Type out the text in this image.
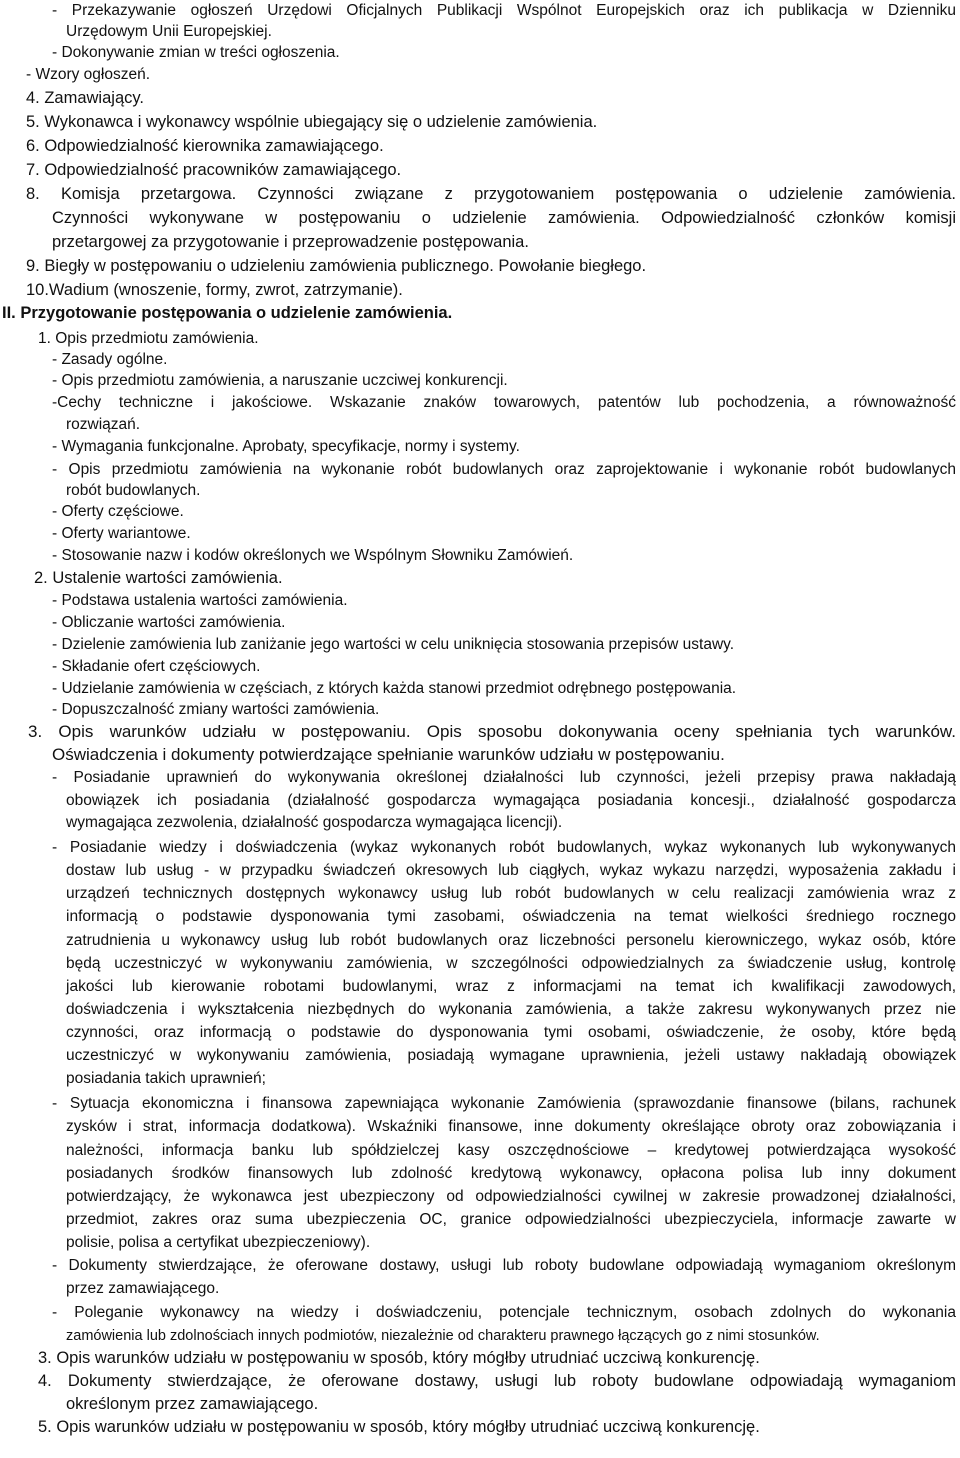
- Przekazywanie ogłoszeń Urzędowi Oficjalnych Publikacji Wspólnot Europejskich oraz ich publikacja w Dzienniku
Urzędowym Unii Europejskiej.
- Dokonywanie zmian w treści ogłoszenia.
- Wzory ogłoszeń.
4. Zamawiający.
5. Wykonawca i wykonawcy wspólnie ubiegający się o udzielenie zamówienia.
6. Odpowiedzialność kierownika zamawiającego.
7. Odpowiedzialność pracowników zamawiającego.
8. Komisja przetargowa. Czynności związane z przygotowaniem postępowania o udzielenie zamówienia.
Czynności wykonywane w postępowaniu o udzielenie zamówienia. Odpowiedzialność członków komisji
przetargowej za przygotowanie i przeprowadzenie postępowania.
9. Biegły w postępowaniu o udzieleniu zamówienia publicznego. Powołanie biegłego.
10.Wadium (wnoszenie, formy, zwrot, zatrzymanie).
II. Przygotowanie postępowania o udzielenie zamówienia.
1. Opis przedmiotu zamówienia.
- Zasady ogólne.
- Opis przedmiotu zamówienia, a naruszanie uczciwej konkurencji.
-Cechy techniczne i jakościowe. Wskazanie znaków towarowych, patentów lub pochodzenia, a równoważność
rozwiązań.
- Wymagania funkcjonalne. Aprobaty, specyfikacje, normy i systemy.
- Opis przedmiotu zamówienia na wykonanie robót budowlanych oraz zaprojektowanie i wykonanie robót budowlanych
robót budowlanych.
- Oferty częściowe.
- Oferty wariantowe.
- Stosowanie nazw i kodów określonych we Wspólnym Słowniku Zamówień.
2. Ustalenie wartości zamówienia.
- Podstawa ustalenia wartości zamówienia.
- Obliczanie wartości zamówienia.
- Dzielenie zamówienia lub zaniżanie jego wartości w celu uniknięcia stosowania przepisów ustawy.
- Składanie ofert częściowych.
- Udzielanie zamówienia w częściach, z których każda stanowi przedmiot odrębnego postępowania.
- Dopuszczalność zmiany wartości zamówienia.
3. Opis warunków udziału w postępowaniu. Opis sposobu dokonywania oceny spełniania tych warunków.
Oświadczenia i dokumenty potwierdzające spełnianie warunków udziału w postępowaniu.
- Posiadanie uprawnień do wykonywania określonej działalności lub czynności, jeżeli przepisy prawa nakładają
obowiązek ich posiadania (działalność gospodarcza wymagająca posiadania koncesji., działalność gospodarcza
wymagająca zezwolenia, działalność gospodarcza wymagająca licencji).
- Posiadanie wiedzy i doświadczenia (wykaz wykonanych robót budowlanych, wykaz wykonanych lub wykonywanych
dostaw lub usług - w przypadku świadczeń okresowych lub ciągłych, wykaz wykazu narzędzi, wyposażenia zakładu i
urządzeń technicznych dostępnych wykonawcy usług lub robót budowlanych w celu realizacji zamówienia wraz z
informacją o podstawie dysponowania tymi zasobami, oświadczenia na temat wielkości średniego rocznego
zatrudnienia u wykonawcy usług lub robót budowlanych oraz liczebności personelu kierowniczego, wykaz osób, które
będą uczestniczyć w wykonywaniu zamówienia, w szczególności odpowiedzialnych za świadczenie usług, kontrolę
jakości lub kierowanie robotami budowlanymi, wraz z informacjami na temat ich kwalifikacji zawodowych,
doświadczenia i wykształcenia niezbędnych do wykonania zamówienia, a także zakresu wykonywanych przez nie
czynności, oraz informacją o podstawie do dysponowania tymi osobami, oświadczenie, że osoby, które będą
uczestniczyć w wykonywaniu zamówienia, posiadają wymagane uprawnienia, jeżeli ustawy nakładają obowiązek
posiadania takich uprawnień;
- Sytuacja ekonomiczna i finansowa zapewniająca wykonanie Zamówienia (sprawozdanie finansowe (bilans, rachunek
zysków i strat, informacja dodatkowa). Wskaźniki finansowe, inne dokumenty określające obroty oraz zobowiązania i
należności, informacja banku lub spółdzielczej kasy oszczędnościowe – kredytowej potwierdzająca wysokość
posiadanych środków finansowych lub zdolność kredytową wykonawcy, opłacona polisa lub inny dokument
potwierdzający, że wykonawca jest ubezpieczony od odpowiedzialności cywilnej w zakresie prowadzonej działalności,
przedmiot, zakres oraz suma ubezpieczenia OC, granice odpowiedzialności ubezpieczyciela, informacje zawarte w
polisie, polisa a certyfikat ubezpieczeniowy).
- Dokumenty stwierdzające, że oferowane dostawy, usługi lub roboty budowlane odpowiadają wymaganiom określonym
przez zamawiającego.
- Poleganie wykonawcy na wiedzy i doświadczeniu, potencjale technicznym, osobach zdolnych do wykonania
zamówienia lub zdolnościach innych podmiotów, niezależnie od charakteru prawnego łączących go z nimi stosunków.
3. Opis warunków udziału w postępowaniu w sposób, który mógłby utrudniać uczciwą konkurencję.
4. Dokumenty stwierdzające, że oferowane dostawy, usługi lub roboty budowlane odpowiadają wymaganiom
określonym przez zamawiającego.
5. Opis warunków udziału w postępowaniu w sposób, który mógłby utrudniać uczciwą konkurencję.
